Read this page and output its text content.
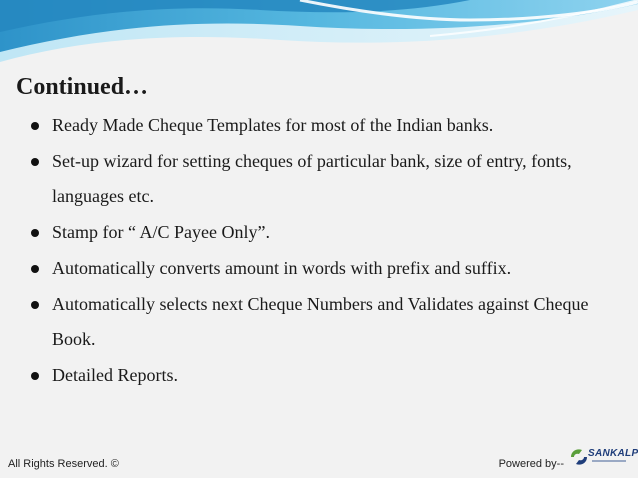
Continued…
Ready Made Cheque Templates for most of the Indian banks.
Set-up wizard for setting cheques of particular bank, size of entry, fonts, languages etc.
Stamp for “ A/C Payee Only”.
Automatically converts amount in words with prefix and suffix.
Automatically selects next Cheque Numbers and Validates against Cheque Book.
Detailed Reports.
All Rights Reserved. ©	Powered by--
SANKALP
